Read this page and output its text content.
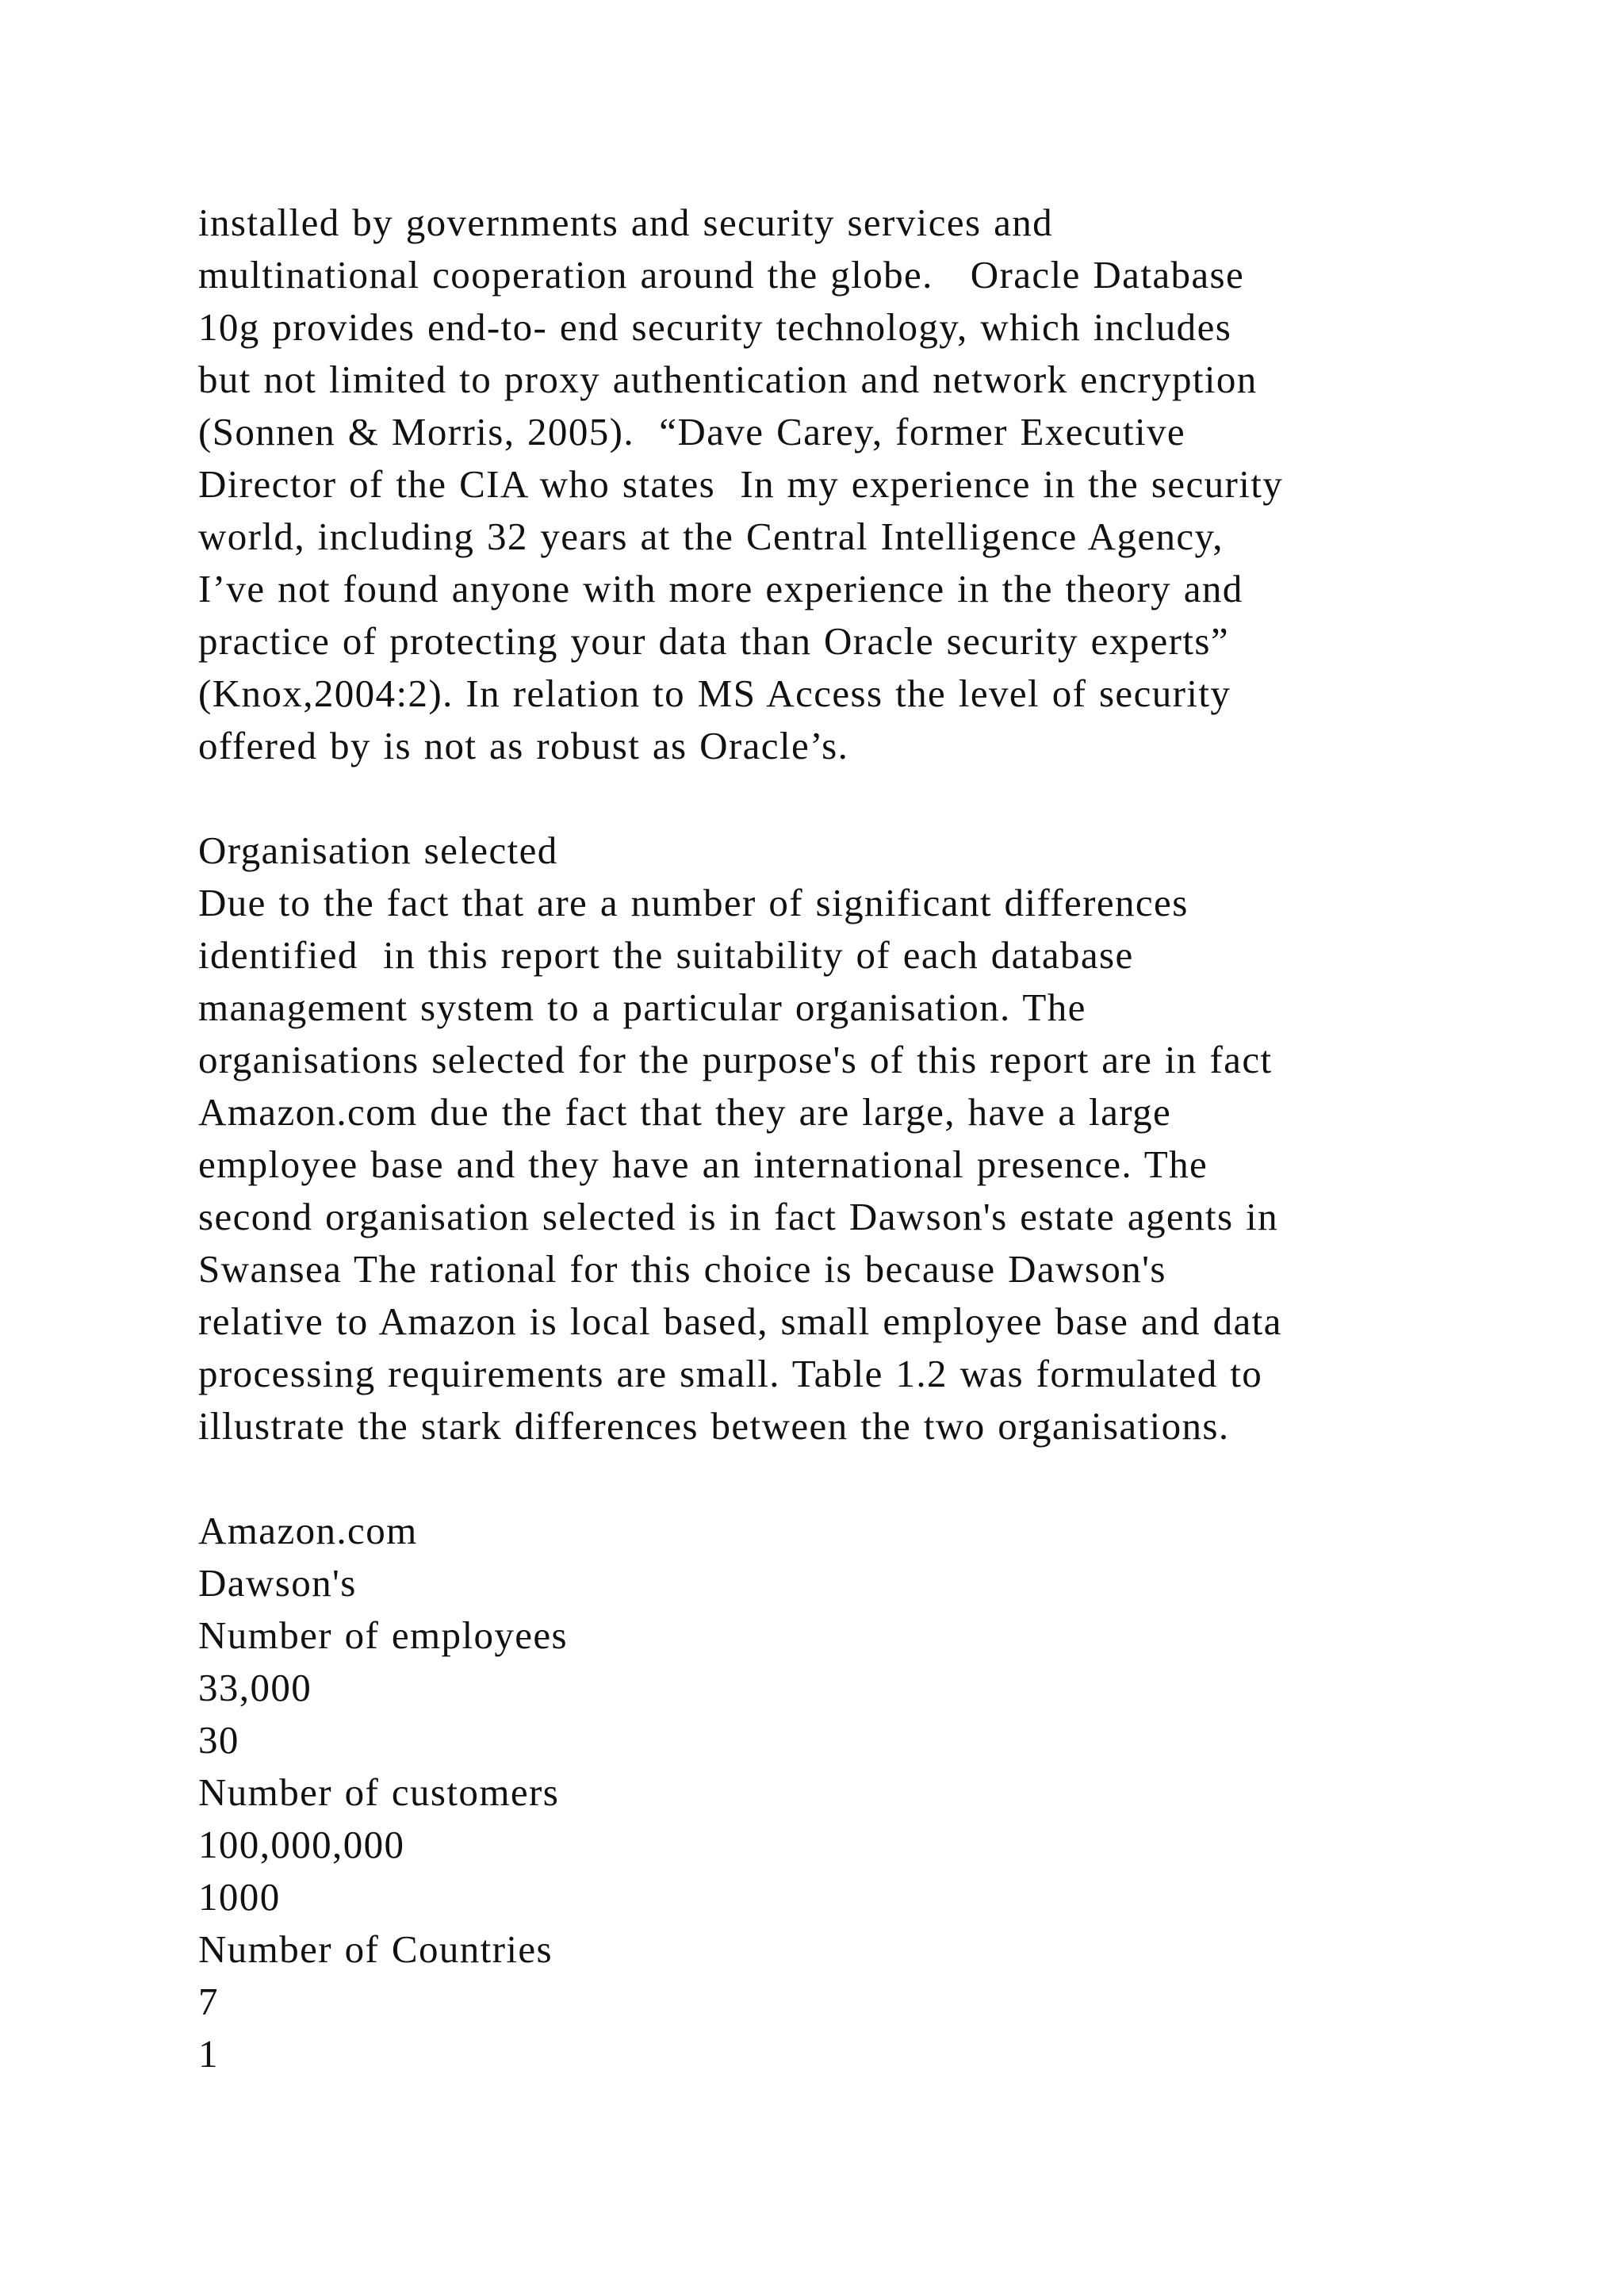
installed by governments and security services and
multinational cooperation around the globe.   Oracle Database
10g provides end-to- end security technology, which includes
but not limited to proxy authentication and network encryption
(Sonnen & Morris, 2005).  “Dave Carey, former Executive
Director of the CIA who states  In my experience in the security
world, including 32 years at the Central Intelligence Agency,
I’ve not found anyone with more experience in the theory and
practice of protecting your data than Oracle security experts”
(Knox,2004:2). In relation to MS Access the level of security
offered by is not as robust as Oracle’s.
Organisation selected
Due to the fact that are a number of significant differences
identified  in this report the suitability of each database
management system to a particular organisation. The
organisations selected for the purpose's of this report are in fact
Amazon.com due the fact that they are large, have a large
employee base and they have an international presence. The
second organisation selected is in fact Dawson's estate agents in
Swansea The rational for this choice is because Dawson's
relative to Amazon is local based, small employee base and data
processing requirements are small. Table 1.2 was formulated to
illustrate the stark differences between the two organisations.
Amazon.com
Dawson's
Number of employees
33,000
30
Number of customers
100,000,000
1000
Number of Countries
7
1
